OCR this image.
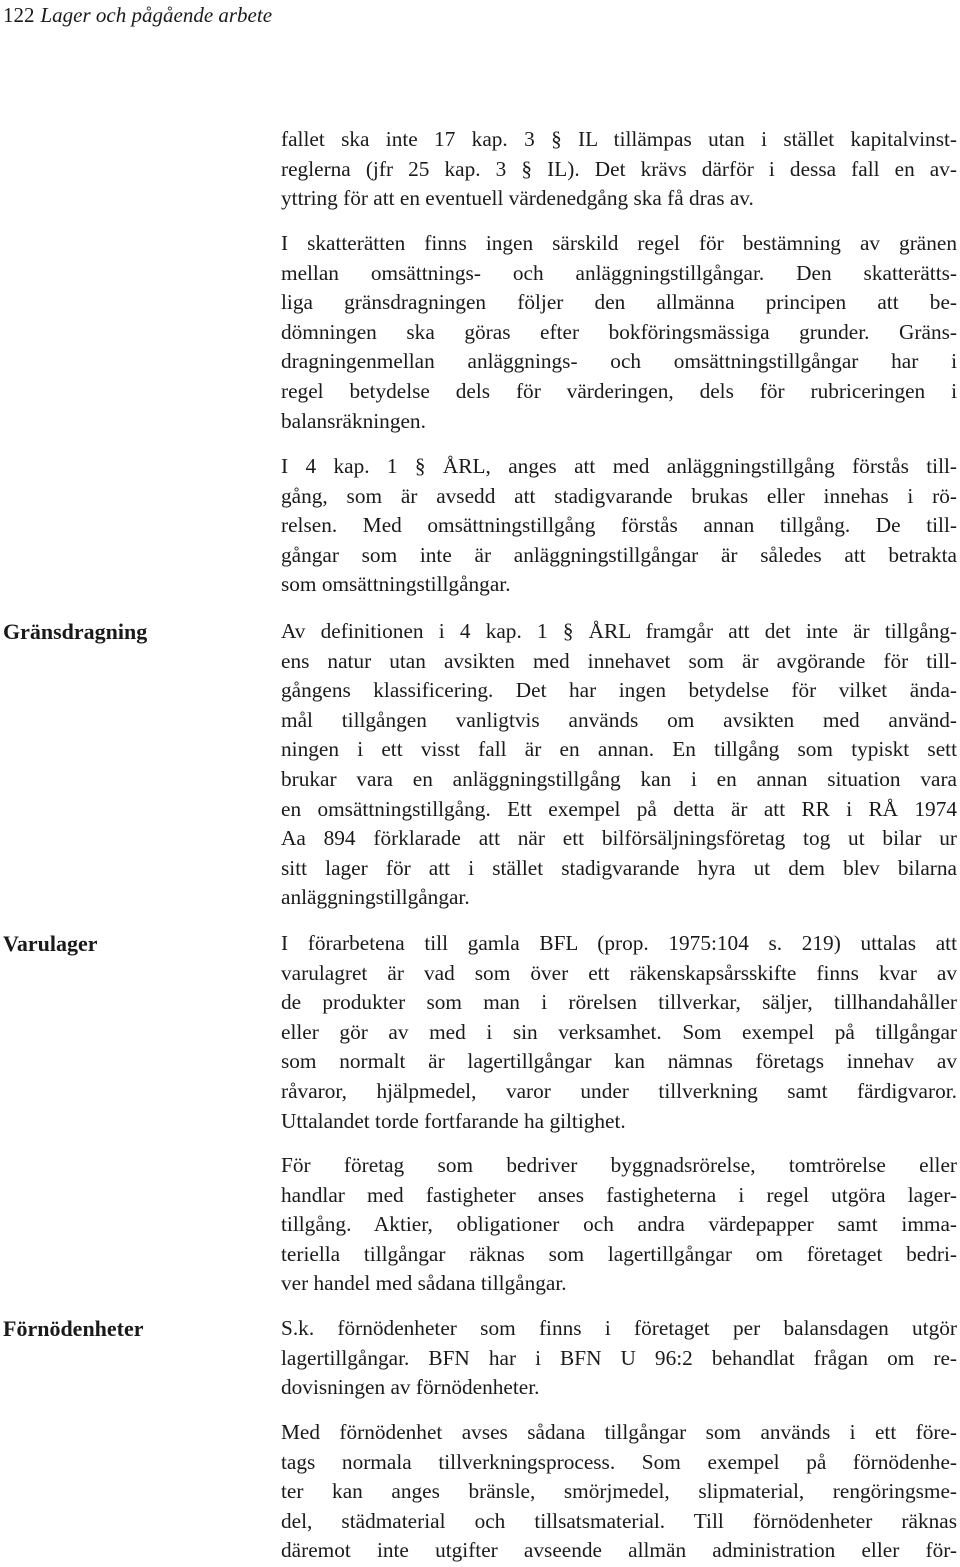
122 Lager och pågående arbete
Gränsdragning
Varulager
Förnödenheter
fallet ska inte 17 kap. 3 § IL tillämpas utan i stället kapitalvinst-
reglerna (jfr 25 kap. 3 § IL). Det krävs därför i dessa fall en av-
yttring för att en eventuell värdenedgång ska få dras av.
I skatterätten finns ingen särskild regel för bestämning av gränen
mellan omsättnings- och anläggningstillgångar. Den skatterätts-
liga gränsdragningen följer den allmänna principen att be-
dömningen ska göras efter bokföringsmässiga grunder. Gräns-
dragningenmellan anläggnings- och omsättningstillgångar har i
regel betydelse dels för värderingen, dels för rubriceringen i
balansräkningen.
I 4 kap. 1 § ÅRL, anges att med anläggningstillgång förstås till-
gång, som är avsedd att stadigvarande brukas eller innehas i rö-
relsen. Med omsättningstillgång förstås annan tillgång. De till-
gångar som inte är anläggningstillgångar är således att betrakta
som omsättningstillgångar.
Av definitionen i 4 kap. 1 § ÅRL framgår att det inte är tillgång-
ens natur utan avsikten med innehavet som är avgörande för till-
gångens klassificering. Det har ingen betydelse för vilket ända-
mål tillgången vanligtvis används om avsikten med använd-
ningen i ett visst fall är en annan. En tillgång som typiskt sett
brukar vara en anläggningstillgång kan i en annan situation vara
en omsättningstillgång. Ett exempel på detta är att RR i RÅ 1974
Aa 894 förklarade att när ett bilförsäljningsföretag tog ut bilar ur
sitt lager för att i stället stadigvarande hyra ut dem blev bilarna
anläggningstillgångar.
I förarbetena till gamla BFL (prop. 1975:104 s. 219) uttalas att
varulagret är vad som över ett räkenskapsårsskifte finns kvar av
de produkter som man i rörelsen tillverkar, säljer, tillhandahåller
eller gör av med i sin verksamhet. Som exempel på tillgångar
som normalt är lagertillgångar kan nämnas företags innehav av
råvaror, hjälpmedel, varor under tillverkning samt färdigvaror.
Uttalandet torde fortfarande ha giltighet.
För företag som bedriver byggnadsrörelse, tomtrörelse eller
handlar med fastigheter anses fastigheterna i regel utgöra lager-
tillgång. Aktier, obligationer och andra värdepapper samt imma-
teriella tillgångar räknas som lagertillgångar om företaget bedri-
ver handel med sådana tillgångar.
S.k. förnödenheter som finns i företaget per balansdagen utgör
lagertillgångar. BFN har i BFN U 96:2 behandlat frågan om re-
dovisningen av förnödenheter.
Med förnödenhet avses sådana tillgångar som används i ett före-
tags normala tillverkningsprocess. Som exempel på förnödenhe-
ter kan anges bränsle, smörjmedel, slipmaterial, rengöringsme-
del, städmaterial och tillsatsmaterial. Till förnödenheter räknas
däremot inte utgifter avseende allmän administration eller för-
